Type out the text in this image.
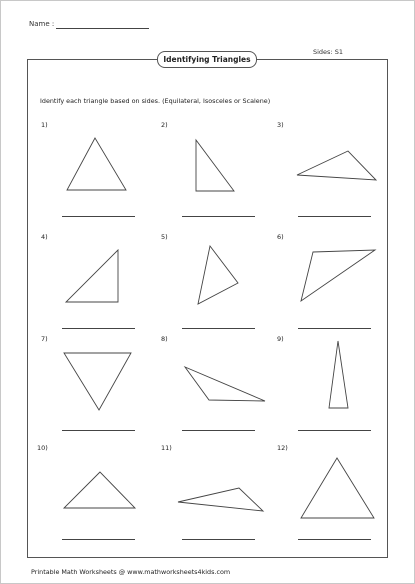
Name :
Sides: S1
Identifying Triangles
Identify each triangle based on sides. (Equilateral, Isosceles or Scalene)
1)	2)	3)
4)	5)	6)
7)	8)	9)
10)	11)	12)
Printable Math Worksheets @ www.mathworksheets4kids.com
